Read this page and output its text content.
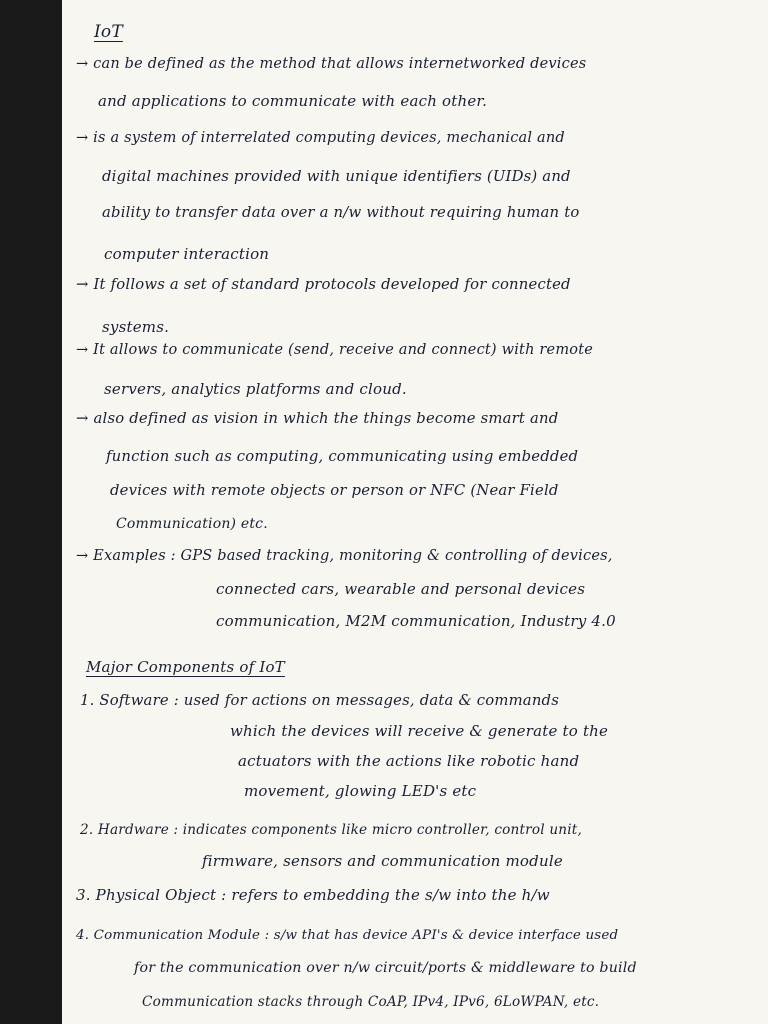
IoT
→ can be defined as the method that allows internetworked devices
and applications to communicate with each other.
→ is a system of interrelated computing devices, mechanical and
digital machines provided with unique identifiers (UIDs) and
ability to transfer data over a n/w without requiring human to
computer interaction
→ It follows a set of standard protocols developed for connected
systems.
→ It allows to communicate (send, receive and connect) with remote
servers, analytics platforms and cloud.
→ also defined as vision in which the things become smart and
function such as computing, communicating using embedded
devices with remote objects or person or NFC (Near Field
Communication) etc.
→ Examples : GPS based tracking, monitoring & controlling of devices,
connected cars, wearable and personal devices
communication, M2M communication, Industry 4.0
Major Components of IoT
1. Software : used for actions on messages, data & commands
which the devices will receive & generate to the
actuators with the actions like robotic hand
movement, glowing LED's etc
2. Hardware : indicates components like micro controller, control unit,
firmware, sensors and communication module
3. Physical Object : refers to embedding the s/w into the h/w
4. Communication Module : s/w that has device API's & device interface used
for the communication over n/w circuit/ports & middleware to build
Communication stacks through CoAP, IPv4, IPv6, 6LoWPAN, etc.
